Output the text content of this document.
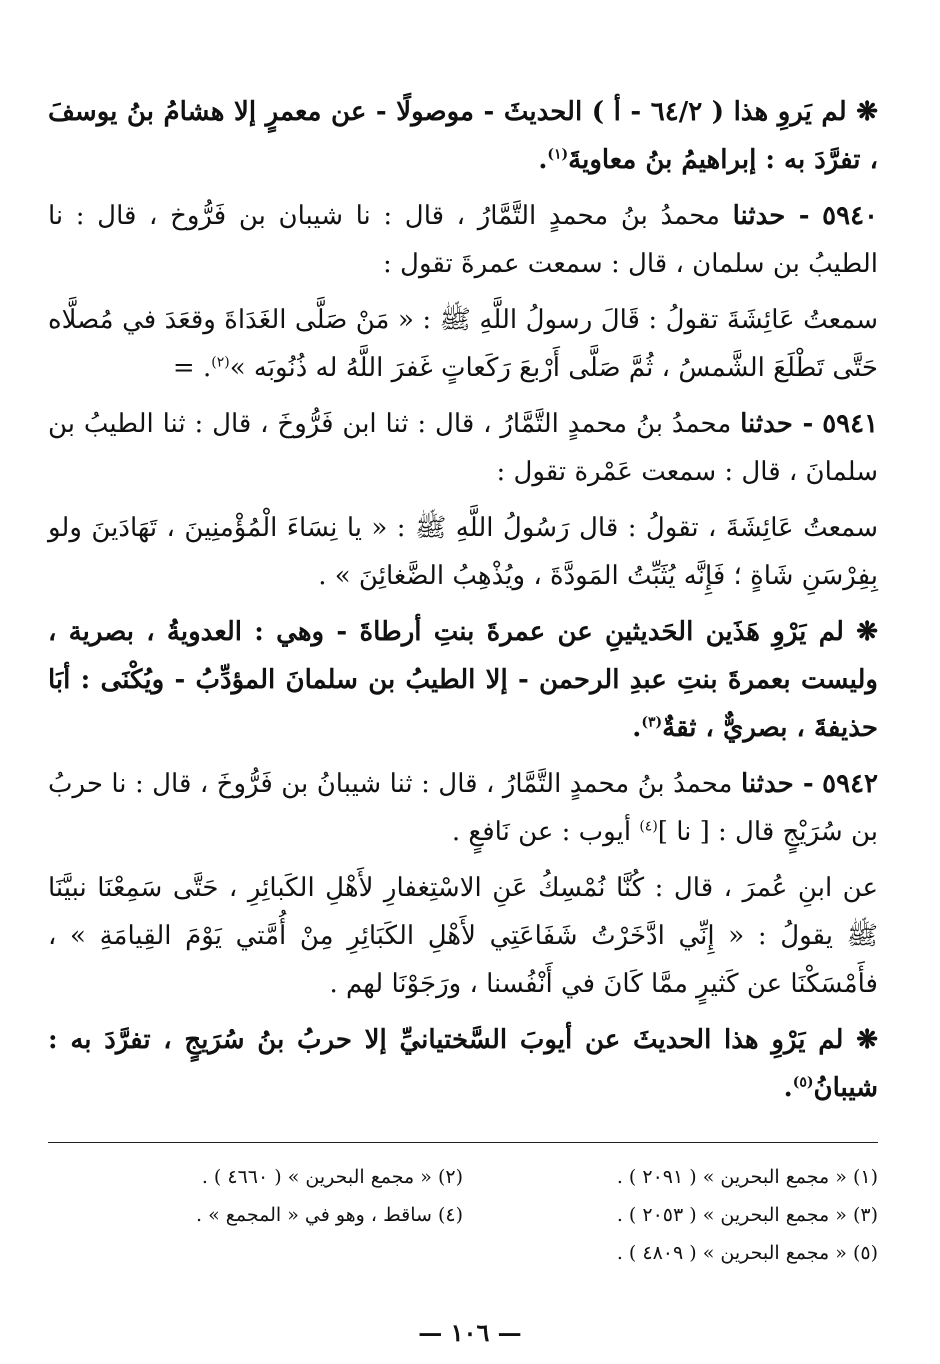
❋ لم يَروِ هذا ( ٦٤/٢ - أ ) الحديثَ - موصولًا - عن معمرٍ إلا هشامُ بنُ يوسفَ ، تفرَّدَ به : إبراهيمُ بنُ معاويةَ$^{(١)}$.

٥٩٤٠ - حدثنا محمدُ بنُ محمدٍ التَّمَّارُ ، قال : نا شيبان بن فَرُّوخ ، قال : نا الطيبُ بن سلمان ، قال : سمعت عمرةَ تقول :

سمعتُ عَائِشَةَ تقولُ : قَالَ رسولُ اللَّهِ ﷺ : « مَنْ صَلَّى الغَدَاةَ وقعَدَ في مُصلَّاه حَتَّى تَطْلَعَ الشَّمسُ ، ثُمَّ صَلَّى أَرْبعَ رَكَعاتٍ غَفرَ اللَّهُ له ذُنُوبَه »$^{(٢)}$. =

٥٩٤١ - حدثنا محمدُ بنُ محمدٍ التَّمَّارُ ، قال : ثنا ابن فَرُّوخَ ، قال : ثنا الطيبُ بن سلمانَ ، قال : سمعت عَمْرة تقول :

سمعتُ عَائِشَةَ ، تقولُ : قال رَسُولُ اللَّهِ ﷺ : « يا نِسَاءَ الْمُؤْمنِينَ ، تَهَادَينَ ولو بِفِرْسَنِ شَاةٍ ؛ فَإِنَّه يُثَبِّتُ المَودَّةَ ، ويُذْهِبُ الضَّغائِنَ » .

❋ لم يَرْوِ هَذَين الحَديثينِ عن عمرةَ بنتِ أرطاةَ - وهي : العدويةُ ، بصرية ، وليست بعمرةَ بنتِ عبدِ الرحمن - إلا الطيبُ بن سلمانَ المؤدِّبُ - ويُكْنَى : أبَا حذيفةَ ، بصريٌّ ، ثقةٌ$^{(٣)}$.

٥٩٤٢ - حدثنا محمدُ بنُ محمدٍ التَّمَّارُ ، قال : ثنا شيبانُ بن فَرُّوخَ ، قال : نا حربُ بن سُرَيْجٍ قال : [ نا ]$^{(٤)}$ أيوب : عن نَافعٍ .

عن ابنِ عُمرَ ، قال : كُنَّا نُمْسِكُ عَنِ الاسْتِغفارِ لأَهْلِ الكَبائِرِ ، حَتَّى سَمِعْنَا نبيَّنَا ﷺ يقولُ : « إِنِّي ادَّخَرْتُ شَفَاعَتِي لأَهْلِ الكَبَائِرِ مِنْ أُمَّتي يَوْمَ القِيامَةِ » ، فأَمْسَكْنَا عن كَثيرٍ ممَّا كَانَ في أَنْفُسنا ، ورَجَوْنَا لهم .

❋ لم يَرْوِ هذا الحديثَ عن أيوبَ السَّختيانيِّ إلا حربُ بنُ سُرَيجٍ ، تفرَّدَ به : شيبانُ$^{(٥)}$.

(١) « مجمع البحرين » ( ٢٠٩١ ) .
(٢) « مجمع البحرين » ( ٤٦٦٠ ) .
(٣) « مجمع البحرين » ( ٢٠٥٣ ) .
(٤) ساقط ، وهو في « المجمع » .
(٥) « مجمع البحرين » ( ٤٨٠٩ ) .
— ١٠٦ —
